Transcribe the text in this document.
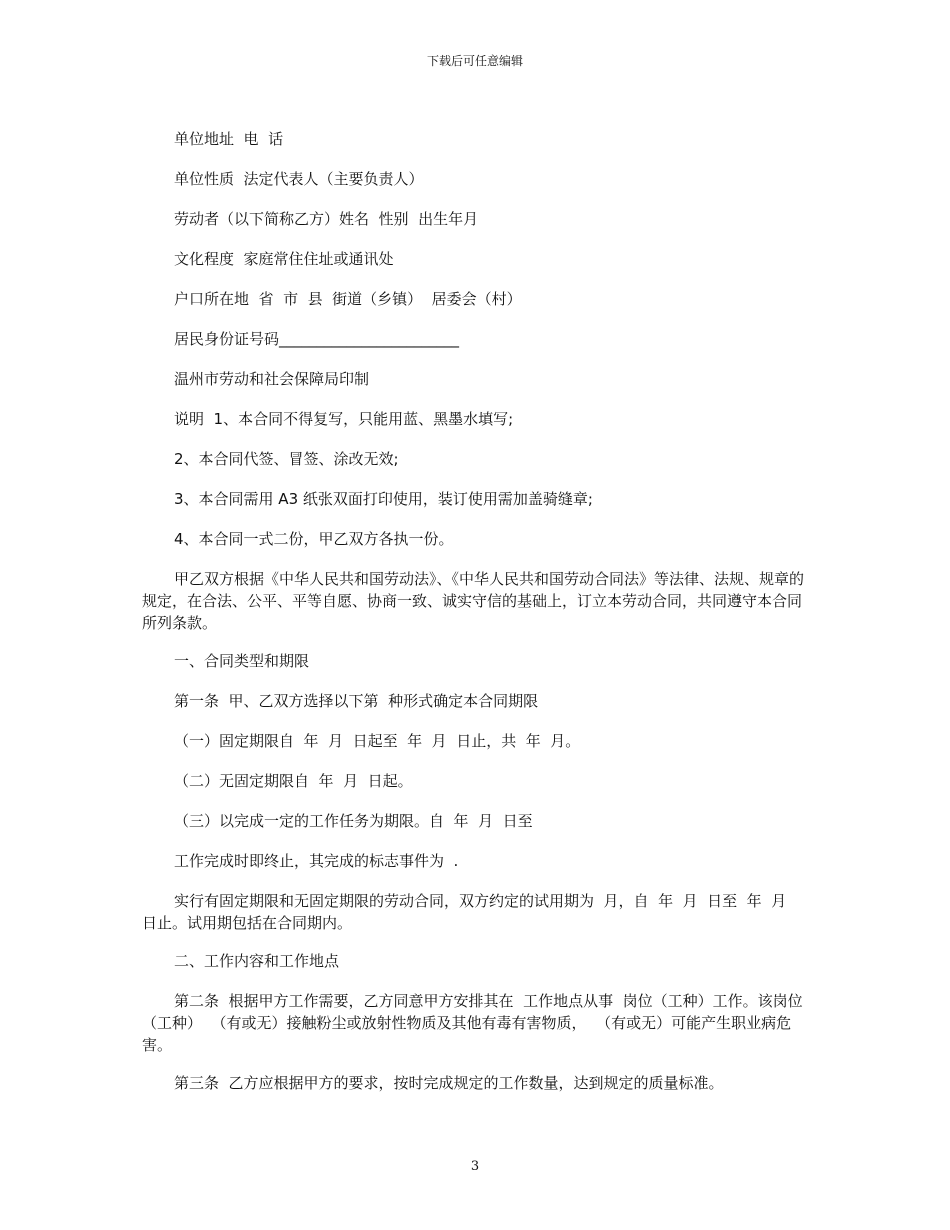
下载后可任意编辑

单位地址  电  话

单位性质  法定代表人（主要负责人）

劳动者（以下简称乙方）姓名  性别  出生年月

文化程度  家庭常住住址或通讯处

户口所在地  省  市  县  街道（乡镇）  居委会（村）

居民身份证号码________________________

温州市劳动和社会保障局印制

说明  1、本合同不得复写，只能用蓝、黑墨水填写;

2、本合同代签、冒签、涂改无效;

3、本合同需用 A3 纸张双面打印使用，装订使用需加盖骑缝章;

4、本合同一式二份，甲乙双方各执一份。

甲乙双方根据《中华人民共和国劳动法》、《中华人民共和国劳动合同法》等法律、法规、规章的规定，在合法、公平、平等自愿、协商一致、诚实守信的基础上，订立本劳动合同，共同遵守本合同所列条款。

一、合同类型和期限

第一条  甲、乙双方选择以下第  种形式确定本合同期限

（一）固定期限自  年  月  日起至  年  月  日止，共  年  月。

（二）无固定期限自  年  月  日起。

（三）以完成一定的工作任务为期限。自  年  月  日至

工作完成时即终止，其完成的标志事件为  .

实行有固定期限和无固定期限的劳动合同，双方约定的试用期为  月，自  年  月  日至  年  月  日止。试用期包括在合同期内。

二、工作内容和工作地点

第二条  根据甲方工作需要，乙方同意甲方安排其在  工作地点从事  岗位（工种）工作。该岗位（工种）  （有或无）接触粉尘或放射性物质及其他有毒有害物质，  （有或无）可能产生职业病危害。

第三条  乙方应根据甲方的要求，按时完成规定的工作数量，达到规定的质量标准。

3
